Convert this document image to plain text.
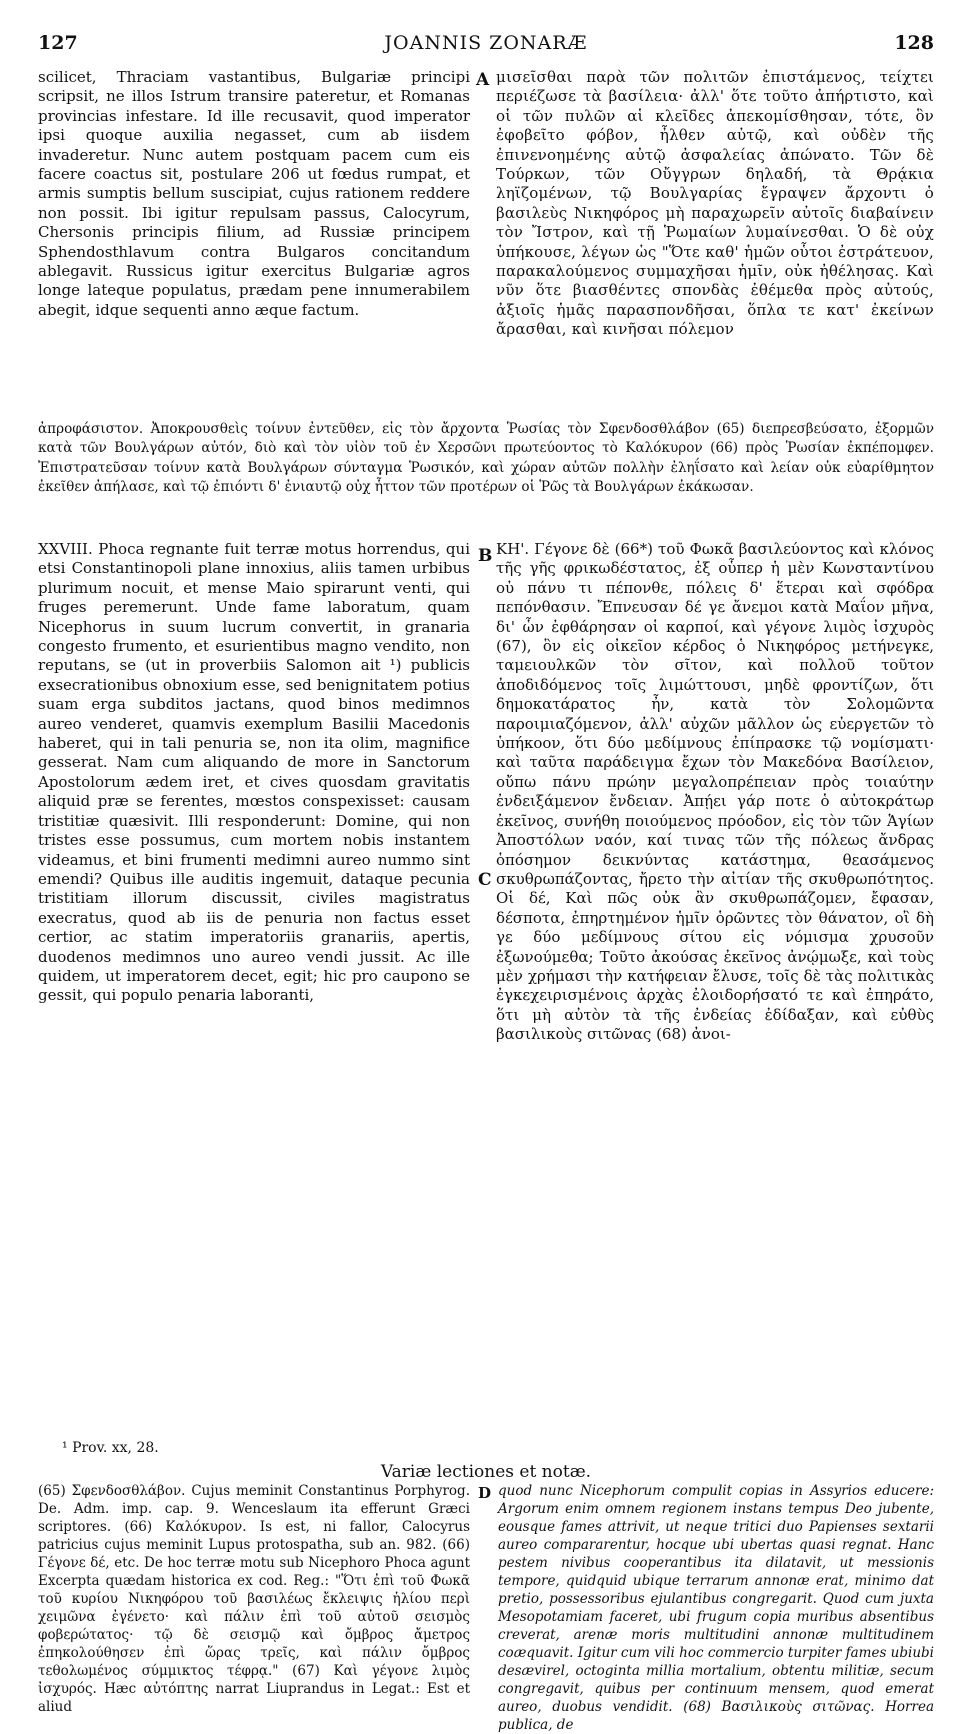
127	JOANNIS ZONARÆ	128

scilicet, Thraciam vastantibus, Bulgariæ principi scripsit, ne illos Istrum transire pateretur, et Romanas provincias infestare. Id ille recusavit, quod imperator ipsi quoque auxilia negasset, cum ab iisdem invaderetur. Nunc autem postquam pacem cum eis facere coactus sit, postulare 206 ut fœdus rumpat, et armis sumptis bellum suscipiat, cujus rationem reddere non possit. Ibi igitur repulsam passus, Calocyrum, Chersonis principis filium, ad Russiæ principem Sphendosthlavum contra Bulgaros concitandum ablegavit. Russicus igitur exercitus Bulgariæ agros longe lateque populatus, prædam pene innumerabilem abegit, idque sequenti anno æque factum.

A μισεῖσθαι παρὰ τῶν πολιτῶν ἐπιστάμενος, τείχτει περιέζωσε τὰ βασίλεια· ἀλλ' ὅτε τοῦτο ἀπήρτιστο, καὶ οἱ τῶν πυλῶν αἱ κλεῖδες ἀπεκομίσθησαν, τότε, ὃν ἐφοβεῖτο φόβον, ἦλθεν αὐτῷ, καὶ οὐδὲν τῆς ἐπινενοημένης αὐτῷ ἀσφαλείας ἀπώνατο. Τῶν δὲ Τούρκων, τῶν Οὔγγρων δηλαδή, τὰ Θρᾴκια ληϊζομένων, τῷ Βουλγαρίας ἔγραψεν ἄρχοντι ὁ βασιλεὺς Νικηφόρος μὴ παραχωρεῖν αὐτοῖς διαβαίνειν τὸν Ἴστρον, καὶ τῇ Ῥωμαίων λυμαίνεσθαι. Ὁ δὲ οὐχ ὑπήκουσε, λέγων ὡς "Ὅτε καθ' ἡμῶν οὗτοι ἐστράτευον, παρακαλούμενος συμμαχῆσαι ἡμῖν, οὐκ ἠθέλησας. Καὶ νῦν ὅτε βιασθέντες σπονδὰς ἐθέμεθα πρὸς αὐτούς, ἀξιοῖς ἡμᾶς παρασπονδῆσαι, ὅπλα τε κατ' ἐκείνων ἄρασθαι, καὶ κινῆσαι πόλεμον

ἀπροφάσιστον. Ἀποκρουσθεὶς τοίνυν ἐντεῦθεν, εἰς τὸν ἄρχοντα Ῥωσίας τὸν Σφενδοσθλάβον (65) διεπρεσβεύσατο, ἐξορμῶν κατὰ τῶν Βουλγάρων αὐτόν, διὸ καὶ τὸν υἱὸν τοῦ ἐν Χερσῶνι πρωτεύοντος τὸ Καλόκυρον (66) πρὸς Ῥωσίαν ἐκπέπομφεν. Ἐπιστρατεῦσαν τοίνυν κατὰ Βουλγάρων σύνταγμα Ῥωσικόν, καὶ χώραν αὐτῶν πολλὴν ἐληΐσατο καὶ λείαν οὐκ εὐαρίθμητον ἐκεῖθεν ἀπήλασε, καὶ τῷ ἐπιόντι δ' ἐνιαυτῷ οὐχ ἧττον τῶν προτέρων οἱ Ῥῶς τὰ Βουλγάρων ἐκάκωσαν.

B
C

XXVIII. Phoca regnante fuit terræ motus horrendus, qui etsi Constantinopoli plane innoxius, aliis tamen urbibus plurimum nocuit, et mense Maio spirarunt venti, qui fruges peremerunt. Unde fame laboratum, quam Nicephorus in suum lucrum convertit, in granaria congesto frumento, et esurientibus magno vendito, non reputans, se (ut in proverbiis Salomon ait ¹) publicis exsecrationibus obnoxium esse, sed benignitatem potius suam erga subditos jactans, quod binos medimnos aureo venderet, quamvis exemplum Basilii Macedonis haberet, qui in tali penuria se, non ita olim, magnifice gesserat. Nam cum aliquando de more in Sanctorum Apostolorum ædem iret, et cives quosdam gravitatis aliquid præ se ferentes, mœstos conspexisset: causam tristitiæ quæsivit. Illi responderunt: Domine, qui non tristes esse possumus, cum mortem nobis instantem videamus, et bini frumenti medimni aureo nummo sint emendi? Quibus ille auditis ingemuit, dataque pecunia tristitiam illorum discussit, civiles magistratus execratus, quod ab iis de penuria non factus esset certior, ac statim imperatoriis granariis, apertis, duodenos medimnos uno aureo vendi jussit. Ac ille quidem, ut imperatorem decet, egit; hic pro caupono se gessit, qui populo penaria laboranti,

ΚΗ'. Γέγονε δὲ (66*) τοῦ Φωκᾶ βασιλεύοντος καὶ κλόνος τῆς γῆς φρικωδέστατος, ἐξ οὗπερ ἡ μὲν Κωνσταντίνου οὐ πάνυ τι πέπονθε, πόλεις δ' ἕτεραι καὶ σφόδρα πεπόνθασιν. Ἔπνευσαν δέ γε ἄνεμοι κατὰ Μαΐον μῆνα, δι' ὧν ἐφθάρησαν οἱ καρποί, καὶ γέγονε λιμὸς ἰσχυρὸς (67), ὃν εἰς οἰκεῖον κέρδος ὁ Νικηφόρος μετήνεγκε, ταμειουλκῶν τὸν σῖτον, καὶ πολλοῦ τοῦτον ἀποδιδόμενος τοῖς λιμώττουσι, μηδὲ φροντίζων, ὅτι δημοκατάρατος ἦν, κατὰ τὸν Σολομῶντα παροιμιαζόμενον, ἀλλ' αὐχῶν μᾶλλον ὡς εὐεργετῶν τὸ ὑπήκοον, ὅτι δύο μεδίμνους ἐπίπρασκε τῷ νομίσματι· καὶ ταῦτα παράδειγμα ἔχων τὸν Μακεδόνα Βασίλειον, οὔπω πάνυ πρώην μεγαλοπρέπειαν πρὸς τοιαύτην ἐνδειξάμενον ἔνδειαν. Ἀπῄει γάρ ποτε ὁ αὐτοκράτωρ ἐκεῖνος, συνήθη ποιούμενος πρόοδον, εἰς τὸν τῶν Ἁγίων Ἀποστόλων ναόν, καί τινας τῶν τῆς πόλεως ἄνδρας ὁπόσημον δεικνύντας κατάστημα, θεασάμενος σκυθρωπάζοντας, ἤρετο τὴν αἰτίαν τῆς σκυθρωπότητος. Οἱ δέ, Καὶ πῶς οὐκ ἂν σκυθρωπάζομεν, ἔφασαν, δέσποτα, ἐπηρτημένον ἡμῖν ὁρῶντες τὸν θάνατον, οἳ δὴ γε δύο μεδίμνους σίτου εἰς νόμισμα χρυσοῦν ἐξωνούμεθα; Τοῦτο ἀκούσας ἐκεῖνος ἀνῴμωξε, καὶ τοὺς μὲν χρήμασι τὴν κατήφειαν ἔλυσε, τοῖς δὲ τὰς πολιτικὰς ἐγκεχειρισμένοις ἀρχὰς ἐλοιδορήσατό τε καὶ ἐπηράτο, ὅτι μὴ αὐτὸν τὰ τῆς ἐνδείας ἐδίδαξαν, καὶ εὐθὺς βασιλικοὺς σιτῶνας (68) ἀνοι-

¹ Prov. xx, 28.
Variæ lectiones et notæ.
D

(65) Σφενδοσθλάβον. Cujus meminit Constantinus Porphyrog. De. Adm. imp. cap. 9. Wenceslaum ita efferunt Græci scriptores. (66) Καλόκυρον. Is est, ni fallor, Calocyrus patricius cujus meminit Lupus protospatha, sub an. 982. (66) Γέγονε δέ, etc. De hoc terræ motu sub Nicephoro Phoca agunt Excerpta quædam historica ex cod. Reg.: "Ὅτι ἐπὶ τοῦ Φωκᾶ τοῦ κυρίου Νικηφόρου τοῦ βασιλέως ἔκλειψις ἡλίου περὶ χειμῶνα ἐγένετο· καὶ πάλιν ἐπὶ τοῦ αὐτοῦ σεισμὸς φοβερώτατος· τῷ δὲ σεισμῷ καὶ ὄμβρος ἄμετρος ἐπηκολούθησεν ἐπὶ ὥρας τρεῖς, καὶ πάλιν ὄμβρος τεθολωμένος σύμμικτος τέφρᾳ." (67) Καὶ γέγονε λιμὸς ἰσχυρός. Hæc αὐτόπτης narrat Liuprandus in Legat.: Est et aliud

quod nunc Nicephorum compulit copias in Assyrios educere: Argorum enim omnem regionem instans tempus Deo jubente, eousque fames attrivit, ut neque tritici duo Papienses sextarii aureo compararentur, hocque ubi ubertas quasi regnat. Hanc pestem nivibus cooperantibus ita dilatavit, ut messionis tempore, quidquid ubique terrarum annonæ erat, minimo dat pretio, possessoribus ejulantibus congregarit. Quod cum juxta Mesopotamiam faceret, ubi frugum copia muribus absentibus creverat, arenæ moris multitudini annonæ multitudinem coæquavit. Igitur cum vili hoc commercio turpiter fames ubiubi desævirel, octoginta millia mortalium, obtentu militiæ, secum congregavit, quibus per continuum mensem, quod emerat aureo, duobus vendidit. (68) Βασιλικοὺς σιτῶνας. Horrea publica, de
